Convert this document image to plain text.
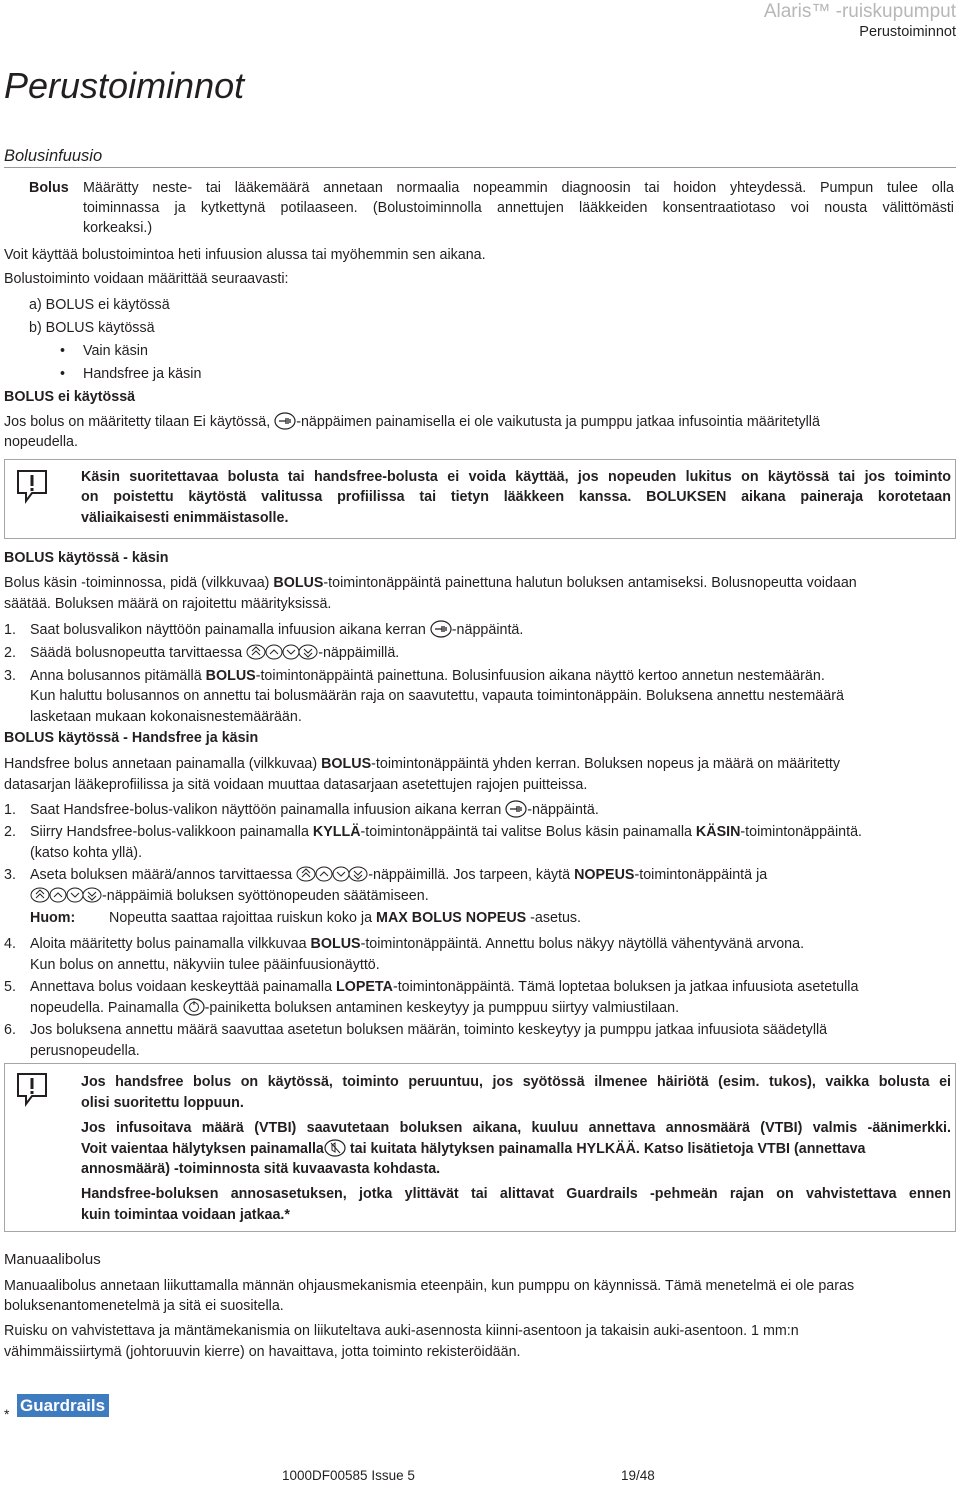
Alaris™ -ruiskupumput
Perustoiminnot
Perustoiminnot
Bolusinfuusio
Bolus Määrätty neste- tai lääkemäärä annetaan normaalia nopeammin diagnoosin tai hoidon yhteydessä. Pumpun tulee olla
toiminnassa ja kytkettynä potilaaseen. (Bolustoiminnolla annettujen lääkkeiden konsentraatiotaso voi nousta välittömästi
korkeaksi.)
Voit käyttää bolustoimintoa heti infuusion alussa tai myöhemmin sen aikana.
Bolustoiminto voidaan määrittää seuraavasti:
a) BOLUS ei käytössä
b) BOLUS käytössä
• Vain käsin
• Handsfree ja käsin
BOLUS ei käytössä
Jos bolus on määritetty tilaan Ei käytössä, -näppäimen painamisella ei ole vaikutusta ja pumppu jatkaa infusointia määritetyllä
nopeudella.
Käsin suoritettavaa bolusta tai handsfree-bolusta ei voida käyttää, jos nopeuden lukitus on käytössä tai jos toiminto
on poistettu käytöstä valitussa profiilissa tai tietyn lääkkeen kanssa. BOLUKSEN aikana paineraja korotetaan
väliaikaisesti enimmäistasolle.
BOLUS käytössä - käsin
Bolus käsin -toiminnossa, pidä (vilkkuvaa) BOLUS-toimintonäppäintä painettuna halutun boluksen antamiseksi. Bolusnopeutta voidaan
säätää. Boluksen määrä on rajoitettu määrityksissä.
1. Saat bolusvalikon näyttöön painamalla infuusion aikana kerran -näppäintä.
2. Säädä bolusnopeutta tarvittaessa	-näppäimillä.
3. Anna bolusannos pitämällä BOLUS-toimintonäppäintä painettuna. Bolusinfuusion aikana näyttö kertoo annetun nestemäärän.
Kun haluttu bolusannos on annettu tai bolusmäärän raja on saavutettu, vapauta toimintonäppäin. Boluksena annettu nestemäärä
lasketaan mukaan kokonaisnestemäärään.
BOLUS käytössä - Handsfree ja käsin
Handsfree bolus annetaan painamalla (vilkkuvaa) BOLUS-toimintonäppäintä yhden kerran. Boluksen nopeus ja määrä on määritetty
datasarjan lääkeprofiilissa ja sitä voidaan muuttaa datasarjaan asetettujen rajojen puitteissa.
1. Saat Handsfree-bolus-valikon näyttöön painamalla infuusion aikana kerran -näppäintä.
2. Siirry Handsfree-bolus-valikkoon painamalla KYLLÄ-toimintonäppäintä tai valitse Bolus käsin painamalla KÄSIN-toimintonäppäintä.
(katso kohta yllä).
3. Aseta boluksen määrä/annos tarvittaessa	-näppäimillä. Jos tarpeen, käytä NOPEUS-toimintonäppäintä ja
-näppäimiä boluksen syöttönopeuden säätämiseen.
Huom: Nopeutta saattaa rajoittaa ruiskun koko ja MAX BOLUS NOPEUS -asetus.
4. Aloita määritetty bolus painamalla vilkkuvaa BOLUS-toimintonäppäintä. Annettu bolus näkyy näytöllä vähentyvänä arvona.
Kun bolus on annettu, näkyviin tulee pääinfuusionäyttö.
5. Annettava bolus voidaan keskeyttää painamalla LOPETA-toimintonäppäintä. Tämä loptetaa boluksen ja jatkaa infuusiota asetetulla
nopeudella. Painamalla -painiketta boluksen antaminen keskeytyy ja pumppuu siirtyy valmiustilaan.
6. Jos boluksena annettu määrä saavuttaa asetetun boluksen määrän, toiminto keskeytyy ja pumppu jatkaa infuusiota säädetyllä
perusnopeudella.
Jos handsfree bolus on käytössä, toiminto peruuntuu, jos syötössä ilmenee häiriötä (esim. tukos), vaikka bolusta ei
olisi suoritettu loppuun.
Jos infusoitava määrä (VTBI) saavutetaan boluksen aikana, kuuluu annettava annosmäärä (VTBI) valmis -äänimerkki.
Voit vaientaa hälytyksen painamalla tai kuitata hälytyksen painamalla HYLKÄÄ. Katso lisätietoja VTBI (annettava
annosmäärä) -toiminnosta sitä kuvaavasta kohdasta.
Handsfree-boluksen annosasetuksen, jotka ylittävät tai alittavat Guardrails -pehmeän rajan on vahvistettava ennen
kuin toimintaa voidaan jatkaa.*
Manuaalibolus
Manuaalibolus annetaan liikuttamalla männän ohjausmekanismia eteenpäin, kun pumppu on käynnissä. Tämä menetelmä ei ole paras
boluksenantomenetelmä ja sitä ei suositella.
Ruisku on vahvistettava ja mäntämekanismia on liikuteltava auki-asennosta kiinni-asentoon ja takaisin auki-asentoon. 1 mm:n
vähimmäissiirtymä (johtoruuvin kierre) on havaittava, jotta toiminto rekisteröidään.
* Guardrails
1000DF00585 Issue 5	19/48
